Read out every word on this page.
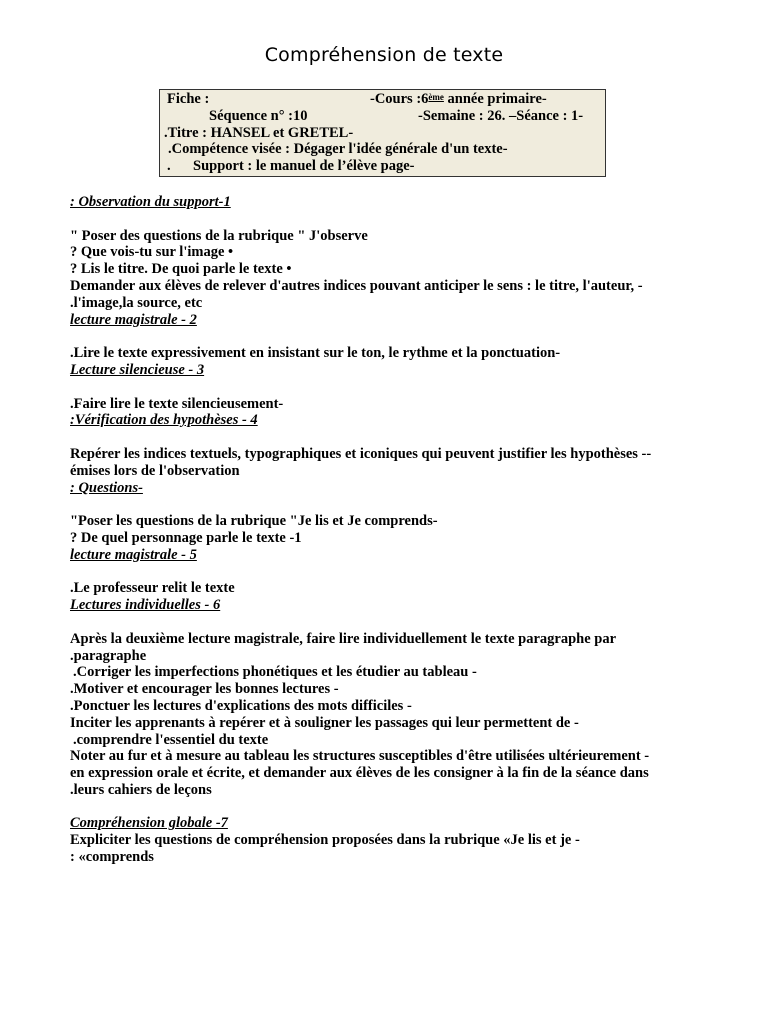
Compréhension de texte
Fiche :	-Cours :6ème année primaire-
Séquence n° :10	-Semaine : 26. –Séance : 1-
.Titre : HANSEL et GRETEL-
.Compétence visée : Dégager l'idée générale d'un texte-
. Support : le manuel de l’élève page-
: Observation du support-1
" Poser des questions de la rubrique " J'observe
? Que vois-tu sur l'image •
? Lis le titre. De quoi parle le texte •
Demander aux élèves de relever d'autres indices pouvant anticiper le sens : le titre, l'auteur, -
.l'image,la source, etc
lecture magistrale - 2
.Lire le texte expressivement en insistant sur le ton, le rythme et la ponctuation-
Lecture silencieuse - 3
.Faire lire le texte silencieusement-
:Vérification des hypothèses - 4
Repérer les indices textuels, typographiques et iconiques qui peuvent justifier les hypothèses --
émises lors de l'observation
: Questions-
"Poser les questions de la rubrique "Je lis et Je comprends-
? De quel personnage parle le texte -1
lecture magistrale - 5
.Le professeur relit le texte
Lectures individuelles - 6
Après la deuxième lecture magistrale, faire lire individuellement le texte paragraphe par
.paragraphe
.Corriger les imperfections phonétiques et les étudier au tableau -
.Motiver et encourager les bonnes lectures -
.Ponctuer les lectures d'explications des mots difficiles -
Inciter les apprenants à repérer et à souligner les passages qui leur permettent de -
.comprendre l'essentiel du texte
Noter au fur et à mesure au tableau les structures susceptibles d'être utilisées ultérieurement -
en expression orale et écrite, et demander aux élèves de les consigner à la fin de la séance dans
.leurs cahiers de leçons
Compréhension globale -7
Expliciter les questions de compréhension proposées dans la rubrique «Je lis et je -
: «comprends
